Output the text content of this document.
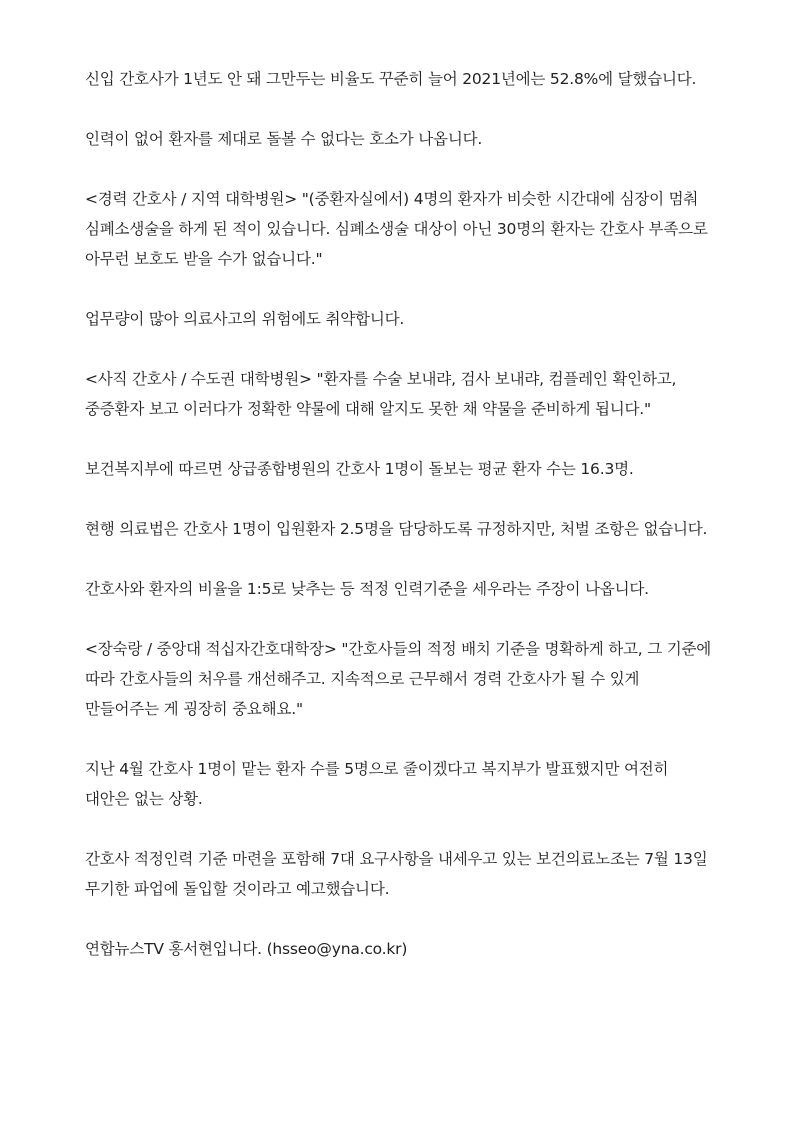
신입 간호사가 1년도 안 돼 그만두는 비율도 꾸준히 늘어 2021년에는 52.8%에 달했습니다.

인력이 없어 환자를 제대로 돌볼 수 없다는 호소가 나옵니다.

<경력 간호사 / 지역 대학병원> "(중환자실에서) 4명의 환자가 비슷한 시간대에 심장이 멈춰 심폐소생술을 하게 된 적이 있습니다. 심폐소생술 대상이 아닌 30명의 환자는 간호사 부족으로 아무런 보호도 받을 수가 없습니다."

업무량이 많아 의료사고의 위험에도 취약합니다.

<사직 간호사 / 수도권 대학병원> "환자를 수술 보내랴, 검사 보내랴, 컴플레인 확인하고, 중증환자 보고 이러다가 정확한 약물에 대해 알지도 못한 채 약물을 준비하게 됩니다."

보건복지부에 따르면 상급종합병원의 간호사 1명이 돌보는 평균 환자 수는 16.3명.

현행 의료법은 간호사 1명이 입원환자 2.5명을 담당하도록 규정하지만, 처벌 조항은 없습니다.

간호사와 환자의 비율을 1:5로 낮추는 등 적정 인력기준을 세우라는 주장이 나옵니다.

<장숙랑 / 중앙대 적십자간호대학장> "간호사들의 적정 배치 기준을 명확하게 하고, 그 기준에 따라 간호사들의 처우를 개선해주고. 지속적으로 근무해서 경력 간호사가 될 수 있게 만들어주는 게 굉장히 중요해요."

지난 4월 간호사 1명이 맡는 환자 수를 5명으로 줄이겠다고 복지부가 발표했지만 여전히 대안은 없는 상황.

간호사 적정인력 기준 마련을 포함해 7대 요구사항을 내세우고 있는 보건의료노조는 7월 13일 무기한 파업에 돌입할 것이라고 예고했습니다.

연합뉴스TV 홍서현입니다. (hsseo@yna.co.kr)
